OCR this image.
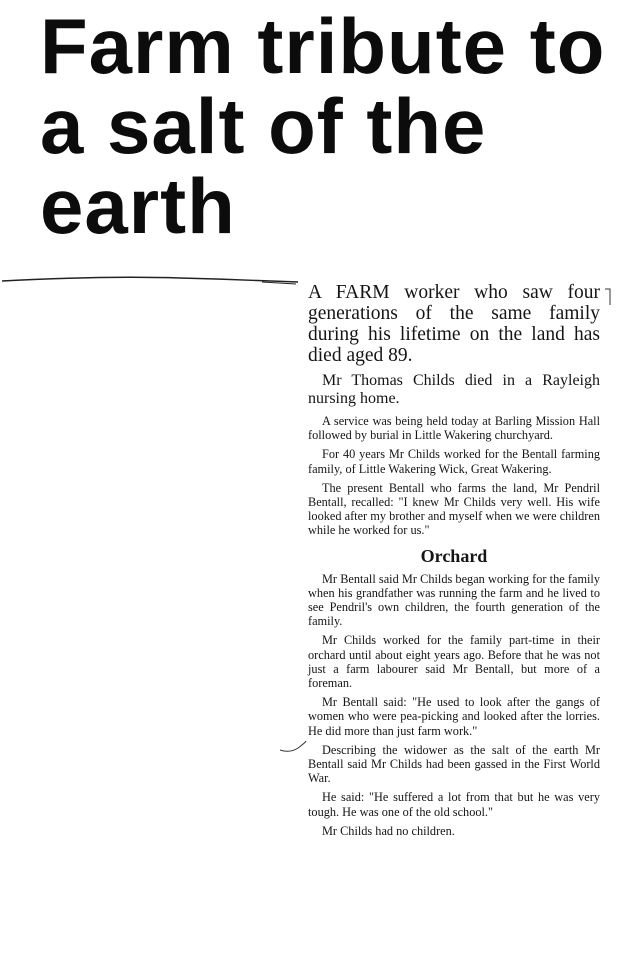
Farm tribute to a salt of the earth

A FARM worker who saw four generations of the same family during his lifetime on the land has died aged 89.

Mr Thomas Childs died in a Rayleigh nursing home.

A service was being held today at Barling Mission Hall followed by burial in Little Wakering churchyard.

For 40 years Mr Childs worked for the Bentall farming family, of Little Wakering Wick, Great Wakering.

The present Bentall who farms the land, Mr Pendril Bentall, recalled: "I knew Mr Childs very well. His wife looked after my brother and myself when we were children while he worked for us."

Orchard

Mr Bentall said Mr Childs began working for the family when his grandfather was running the farm and he lived to see Pendril's own children, the fourth generation of the family.

Mr Childs worked for the family part-time in their orchard until about eight years ago. Before that he was not just a farm labourer said Mr Bentall, but more of a foreman.

Mr Bentall said: "He used to look after the gangs of women who were pea-picking and looked after the lorries. He did more than just farm work."

Describing the widower as the salt of the earth Mr Bentall said Mr Childs had been gassed in the First World War.

He said: "He suffered a lot from that but he was very tough. He was one of the old school."

Mr Childs had no children.
